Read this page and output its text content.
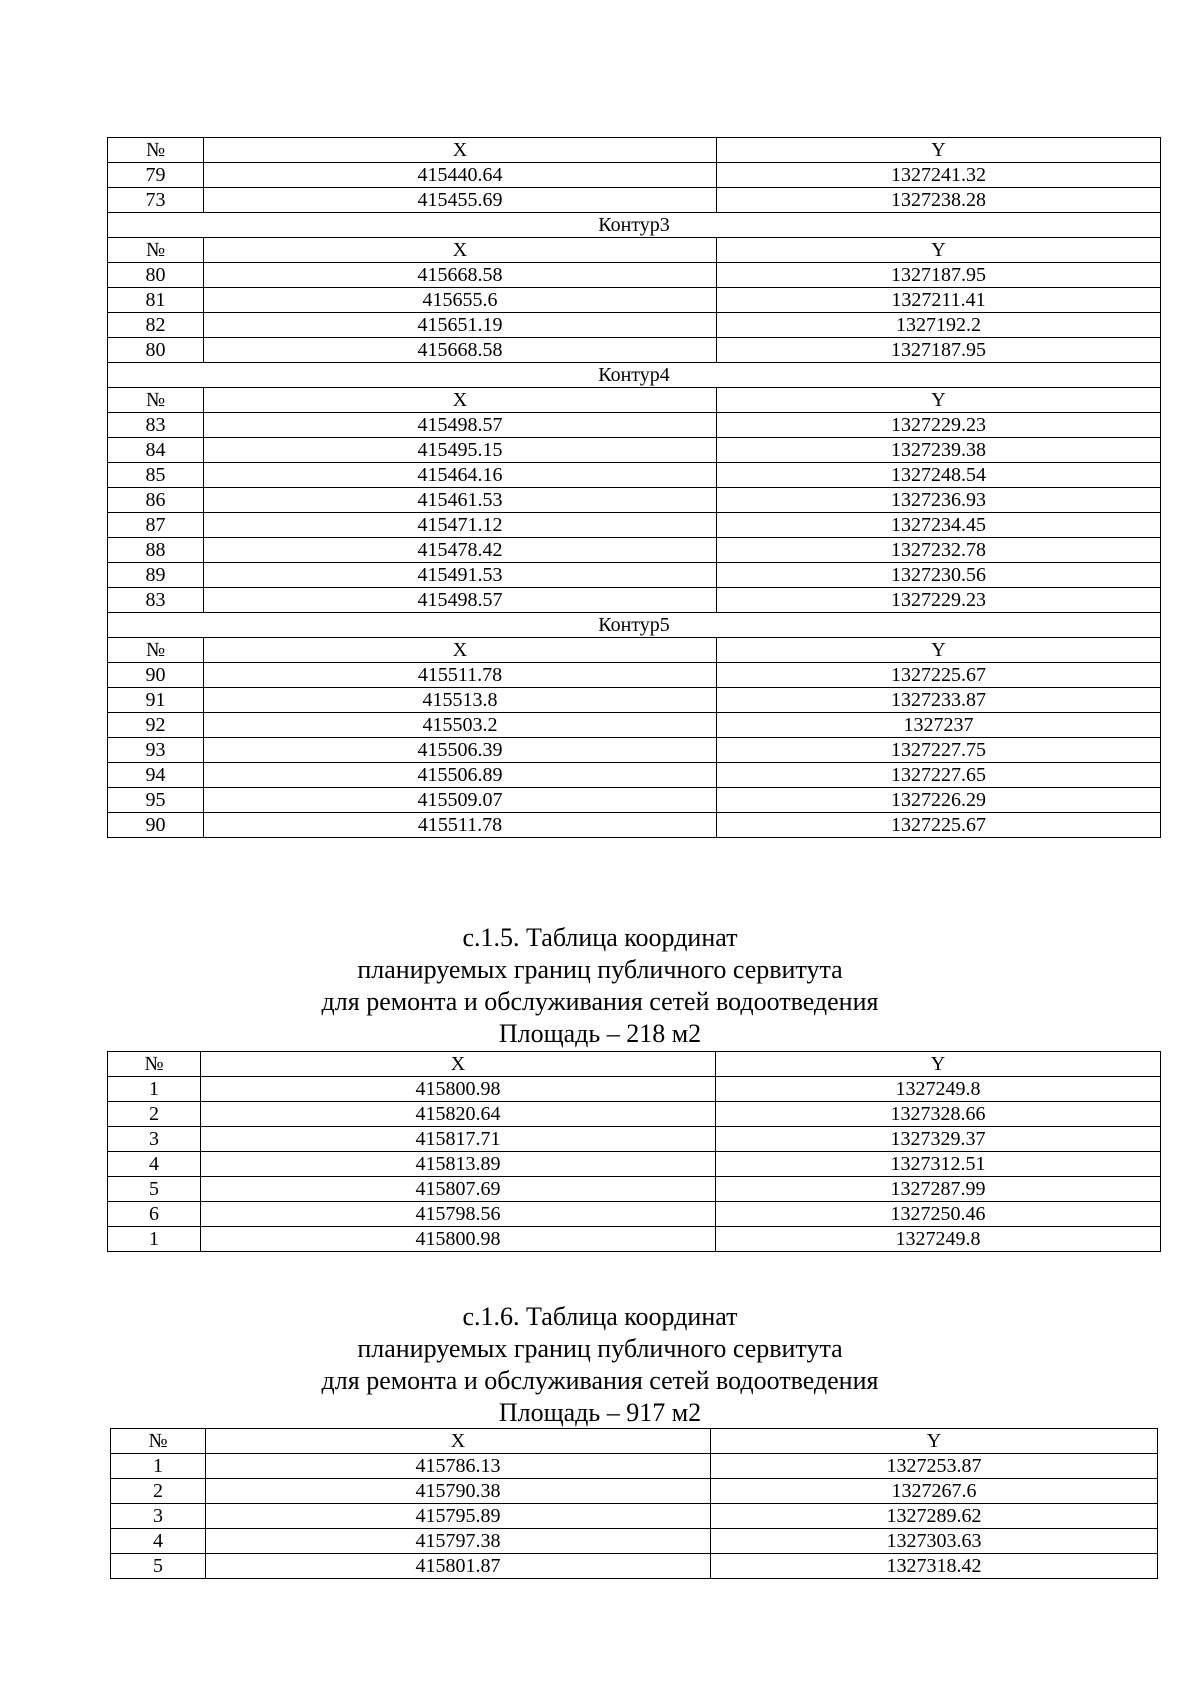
№	X	Y
79	415440.64	1327241.32
73	415455.69	1327238.28
Контур3		
№	X	Y
80	415668.58	1327187.95
81	415655.6	1327211.41
82	415651.19	1327192.2
80	415668.58	1327187.95
Контур4		
№	X	Y
83	415498.57	1327229.23
84	415495.15	1327239.38
85	415464.16	1327248.54
86	415461.53	1327236.93
87	415471.12	1327234.45
88	415478.42	1327232.78
89	415491.53	1327230.56
83	415498.57	1327229.23
Контур5		
№	X	Y
90	415511.78	1327225.67
91	415513.8	1327233.87
92	415503.2	1327237
93	415506.39	1327227.75
94	415506.89	1327227.65
95	415509.07	1327226.29
90	415511.78	1327225.67
с.1.5. Таблица координат
планируемых границ публичного сервитута
для ремонта и обслуживания сетей водоотведения
Площадь – 218 м2
№	X	Y
1	415800.98	1327249.8
2	415820.64	1327328.66
3	415817.71	1327329.37
4	415813.89	1327312.51
5	415807.69	1327287.99
6	415798.56	1327250.46
1	415800.98	1327249.8
с.1.6. Таблица координат
планируемых границ публичного сервитута
для ремонта и обслуживания сетей водоотведения
Площадь – 917 м2
№	X	Y
1	415786.13	1327253.87
2	415790.38	1327267.6
3	415795.89	1327289.62
4	415797.38	1327303.63
5	415801.87	1327318.42
